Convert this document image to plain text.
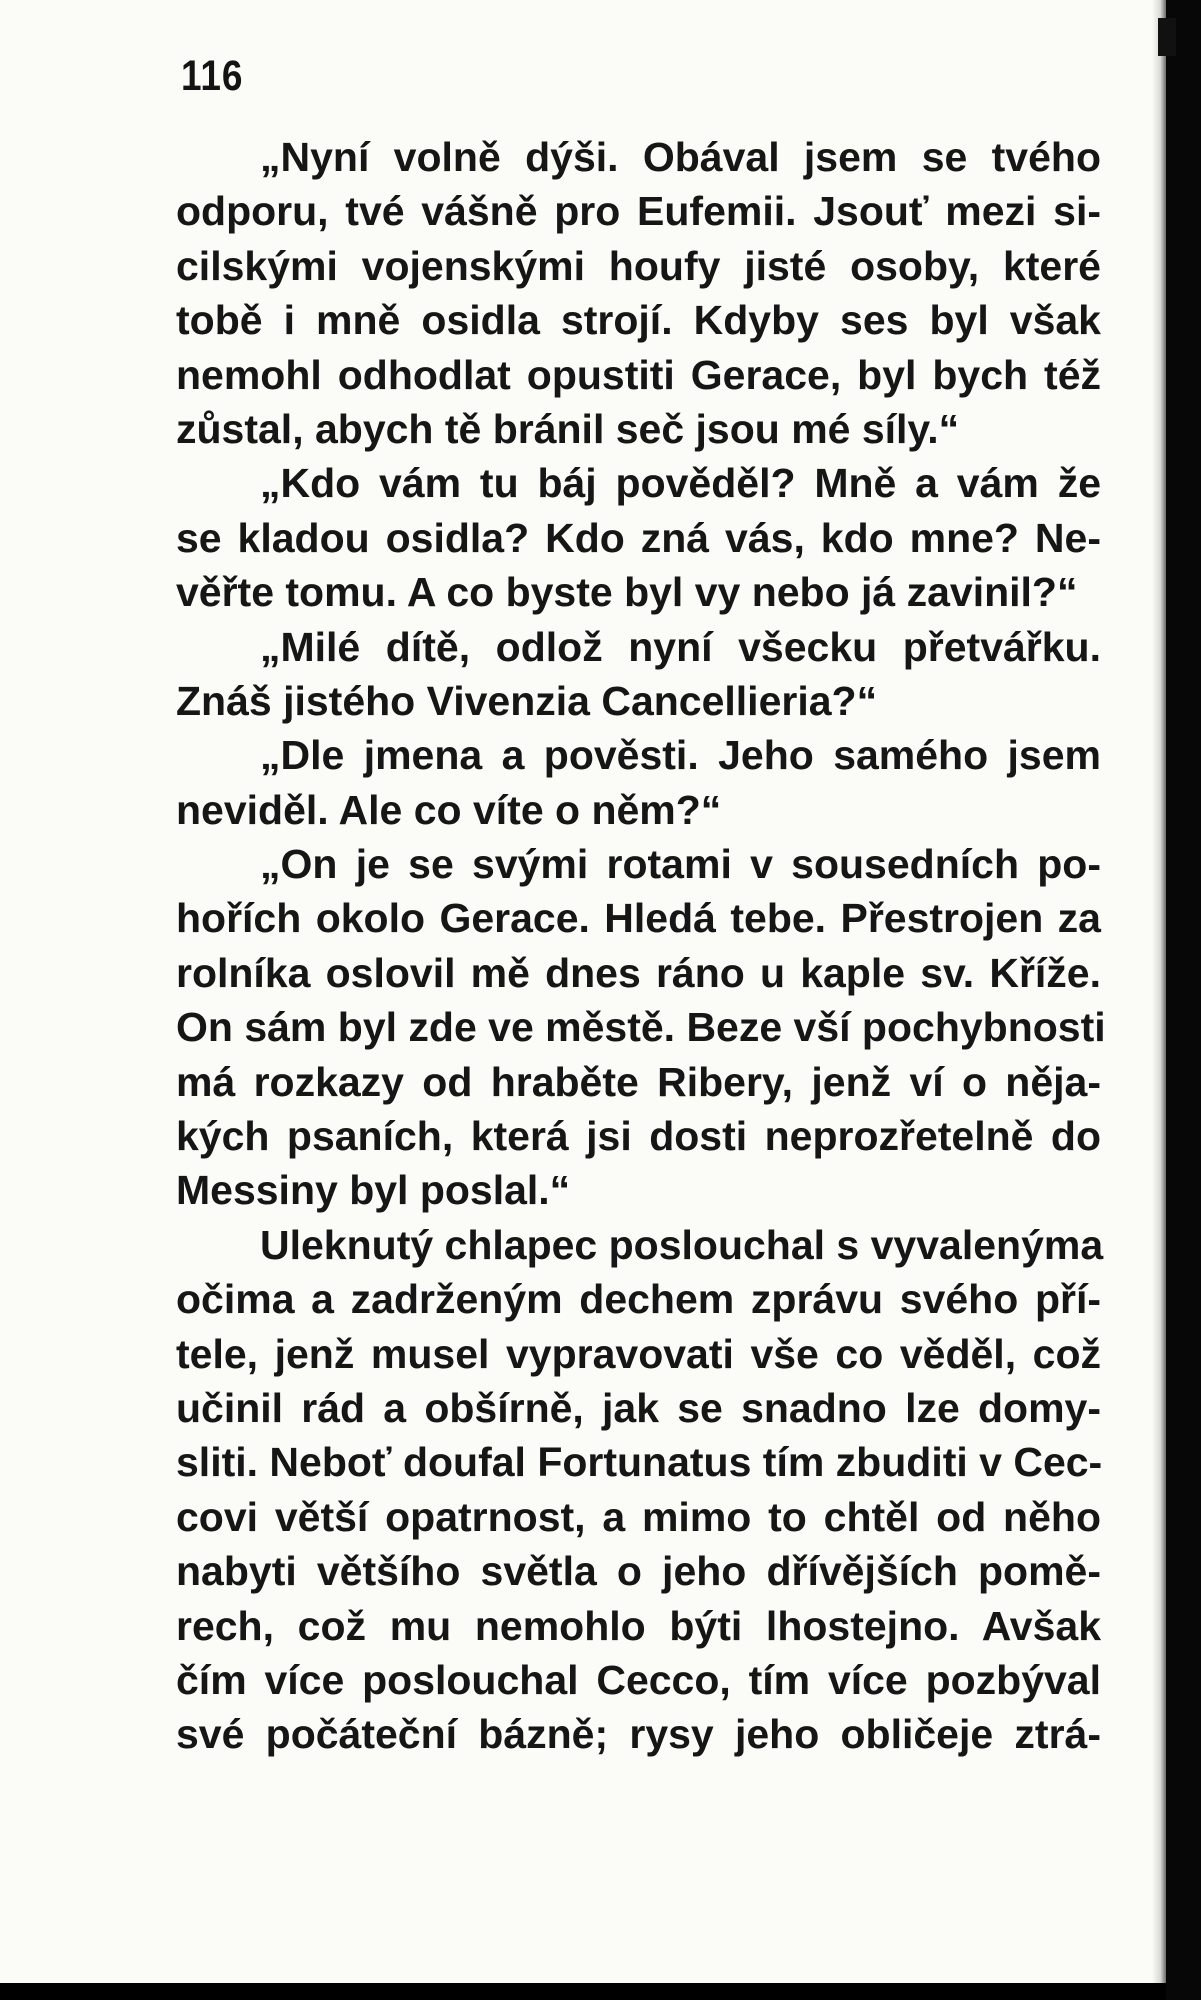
116
„Nyní volně dýši. Obával jsem se tvého
odporu, tvé vášně pro Eufemii. Jsouť mezi si-
cilskými vojenskými houfy jisté osoby, které
tobě i mně osidla strojí. Kdyby ses byl však
nemohl odhodlat opustiti Gerace, byl bych též
zůstal, abych tě bránil seč jsou mé síly.“
„Kdo vám tu báj pověděl? Mně a vám že
se kladou osidla? Kdo zná vás, kdo mne? Ne-
věřte tomu. A co byste byl vy nebo já zavinil?“
„Milé dítě, odlož nyní všecku přetvářku.
Znáš jistého Vivenzia Cancellieria?“
„Dle jmena a pověsti. Jeho samého jsem
neviděl. Ale co víte o něm?“
„On je se svými rotami v sousedních po-
hořích okolo Gerace. Hledá tebe. Přestrojen za
rolníka oslovil mě dnes ráno u kaple sv. Kříže.
On sám byl zde ve městě. Beze vší pochybnosti
má rozkazy od hraběte Ribery, jenž ví o něja-
kých psaních, která jsi dosti neprozřetelně do
Messiny byl poslal.“
Uleknutý chlapec poslouchal s vyvalenýma
očima a zadrženým dechem zprávu svého pří-
tele, jenž musel vypravovati vše co věděl, což
učinil rád a obšírně, jak se snadno lze domy-
sliti. Neboť doufal Fortunatus tím zbuditi v Cec-
covi větší opatrnost, a mimo to chtěl od něho
nabyti většího světla o jeho dřívějších pomě-
rech, což mu nemohlo býti lhostejno. Avšak
čím více poslouchal Cecco, tím více pozbýval
své počáteční bázně; rysy jeho obličeje ztrá-
